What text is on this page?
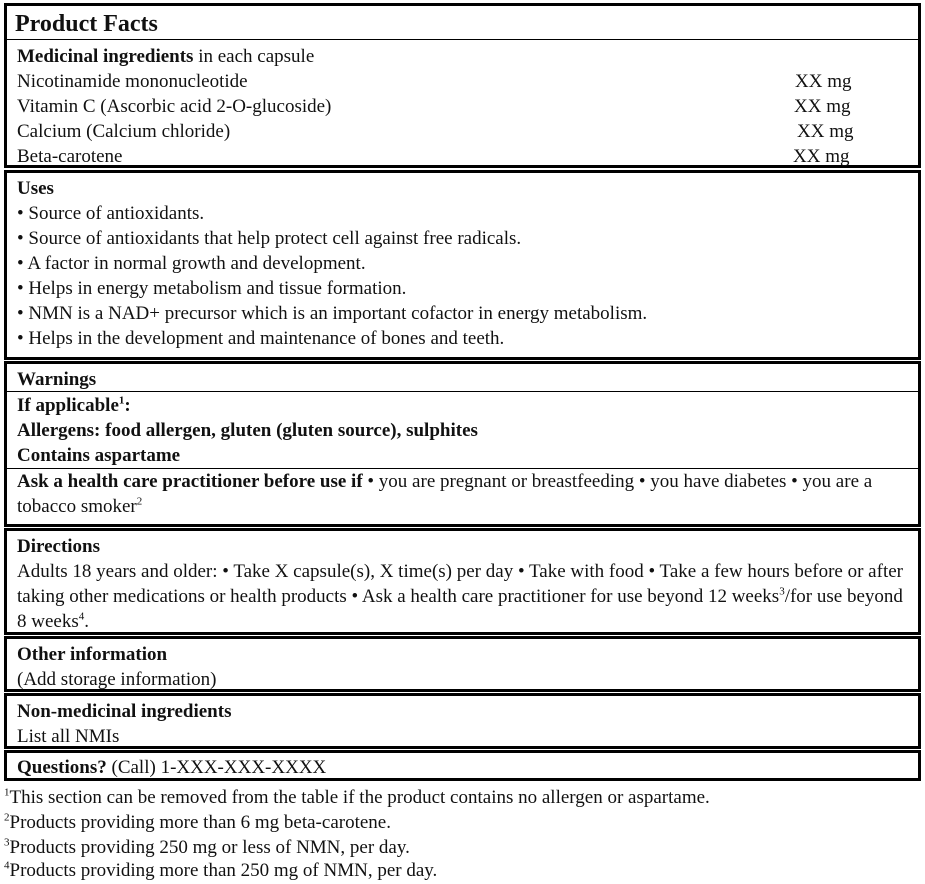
Product Facts
Medicinal ingredients in each capsule
Nicotinamide mononucleotide	XX mg
Vitamin C (Ascorbic acid 2-O-glucoside)	XX mg
Calcium (Calcium chloride)	XX mg
Beta-carotene	XX mg
Uses
• Source of antioxidants.
• Source of antioxidants that help protect cell against free radicals.
• A factor in normal growth and development.
• Helps in energy metabolism and tissue formation.
• NMN is a NAD+ precursor which is an important cofactor in energy metabolism.
• Helps in the development and maintenance of bones and teeth.
Warnings
If applicable$^1$:
Allergens: food allergen, gluten (gluten source), sulphites
Contains aspartame
Ask a health care practitioner before use if • you are pregnant or breastfeeding • you have diabetes • you are a tobacco smoker$^2$
Directions
Adults 18 years and older: • Take X capsule(s), X time(s) per day • Take with food • Take a few hours before or after taking other medications or health products • Ask a health care practitioner for use beyond 12 weeks$^3$/for use beyond 8 weeks$^4$.
Other information
(Add storage information)
Non-medicinal ingredients
List all NMIs
Questions? (Call) 1-XXX-XXX-XXXX
$^1$This section can be removed from the table if the product contains no allergen or aspartame.
$^2$Products providing more than 6 mg beta-carotene.
$^3$Products providing 250 mg or less of NMN, per day.
$^4$Products providing more than 250 mg of NMN, per day.
